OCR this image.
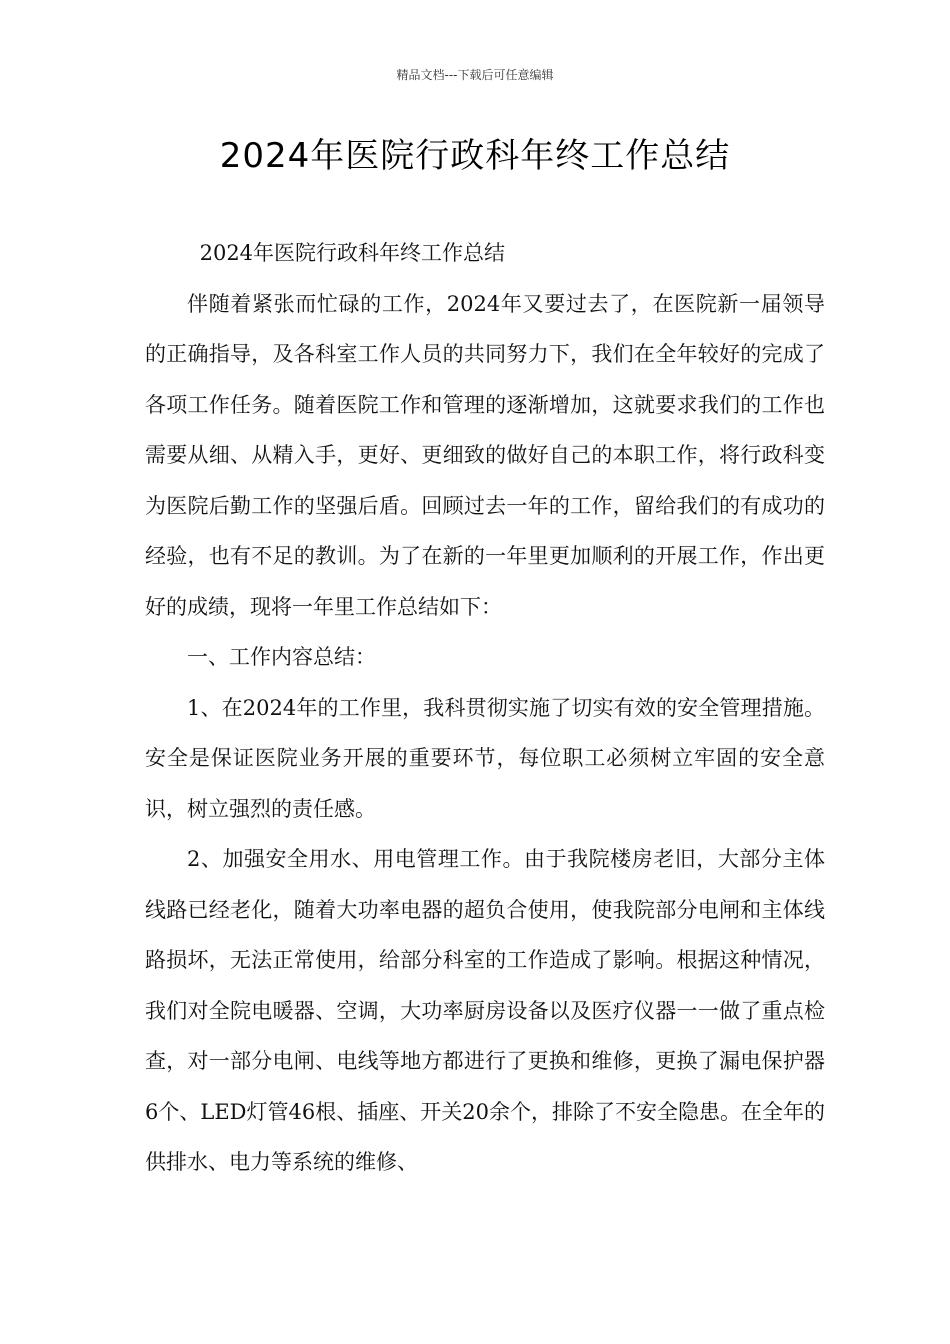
精品文档---下载后可任意编辑
2024年医院行政科年终工作总结

2024年医院行政科年终工作总结

伴随着紧张而忙碌的工作，2024年又要过去了，在医院新一届领导的正确指导，及各科室工作人员的共同努力下，我们在全年较好的完成了各项工作任务。随着医院工作和管理的逐渐增加，这就要求我们的工作也需要从细、从精入手，更好、更细致的做好自己的本职工作，将行政科变为医院后勤工作的坚强后盾。回顾过去一年的工作，留给我们的有成功的经验，也有不足的教训。为了在新的一年里更加顺利的开展工作，作出更好的成绩，现将一年里工作总结如下：

一、工作内容总结：

1、在2024年的工作里，我科贯彻实施了切实有效的安全管理措施。安全是保证医院业务开展的重要环节，每位职工必须树立牢固的安全意识，树立强烈的责任感。

2、加强安全用水、用电管理工作。由于我院楼房老旧，大部分主体线路已经老化，随着大功率电器的超负合使用，使我院部分电闸和主体线路损坏，无法正常使用，给部分科室的工作造成了影响。根据这种情况，我们对全院电暖器、空调，大功率厨房设备以及医疗仪器一一做了重点检查，对一部分电闸、电线等地方都进行了更换和维修，更换了漏电保护器6个、LED灯管46根、插座、开关20余个，排除了不安全隐患。在全年的供排水、电力等系统的维修、
